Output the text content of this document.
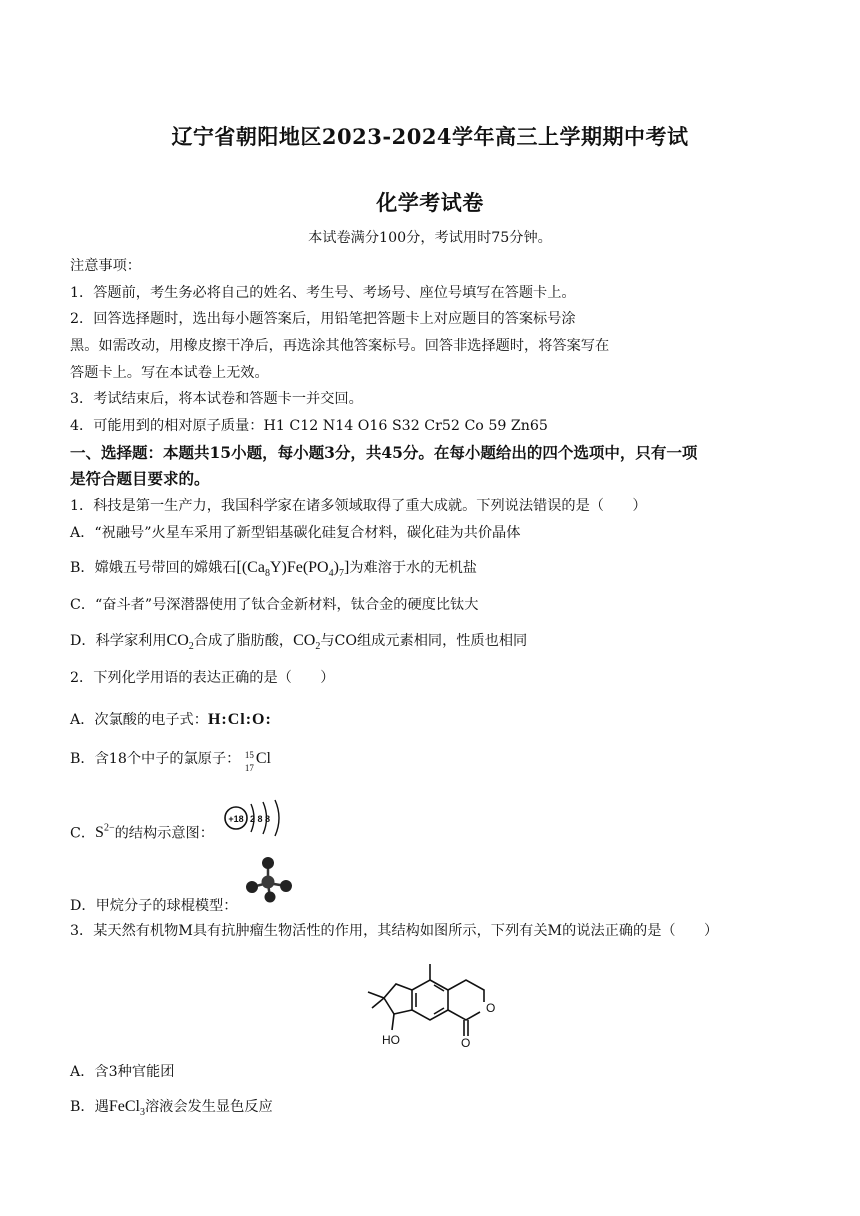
辽宁省朝阳地区2023-2024学年高三上学期期中考试
化学考试卷
本试卷满分100分，考试用时75分钟。
注意事项：
1．答题前，考生务必将自己的姓名、考生号、考场号、座位号填写在答题卡上。
2．回答选择题时，选出每小题答案后，用铅笔把答题卡上对应题目的答案标号涂
黑。如需改动，用橡皮擦干净后，再选涂其他答案标号。回答非选择题时，将答案写在
答题卡上。写在本试卷上无效。
3．考试结束后，将本试卷和答题卡一并交回。
4．可能用到的相对原子质量：H1 C12 N14 O16 S32 Cr52 Co 59 Zn65
一、选择题：本题共15小题，每小题3分，共45分。在每小题给出的四个选项中，只有一项
是符合题目要求的。
1．科技是第一生产力，我国科学家在诸多领域取得了重大成就。下列说法错误的是（　　）
A．“祝融号”火星车采用了新型铝基碳化硅复合材料，碳化硅为共价晶体
B．嫦娥五号带回的嫦娥石$[(Ca_8Y)Fe(PO_4)_7]$为难溶于水的无机盐
C．“奋斗者”号深潜器使用了钛合金新材料，钛合金的硬度比钛大
D．科学家利用$CO_2$合成了脂肪酸，$CO_2$与CO组成元素相同，性质也相同
2．下列化学用语的表达正确的是（　　）
A．次氯酸的电子式：H:Cl:O:
B．含18个中子的氯原子： 15
17
Cl
C．$S^{2-}$的结构示意图：
+18 2 8 8
D．甲烷分子的球棍模型：
3．某天然有机物M具有抗肿瘤生物活性的作用，其结构如图所示，下列有关M的说法正确的是（　　）
O
O
HO
A．含3种官能团
B．遇FeCl$_3$溶液会发生显色反应
